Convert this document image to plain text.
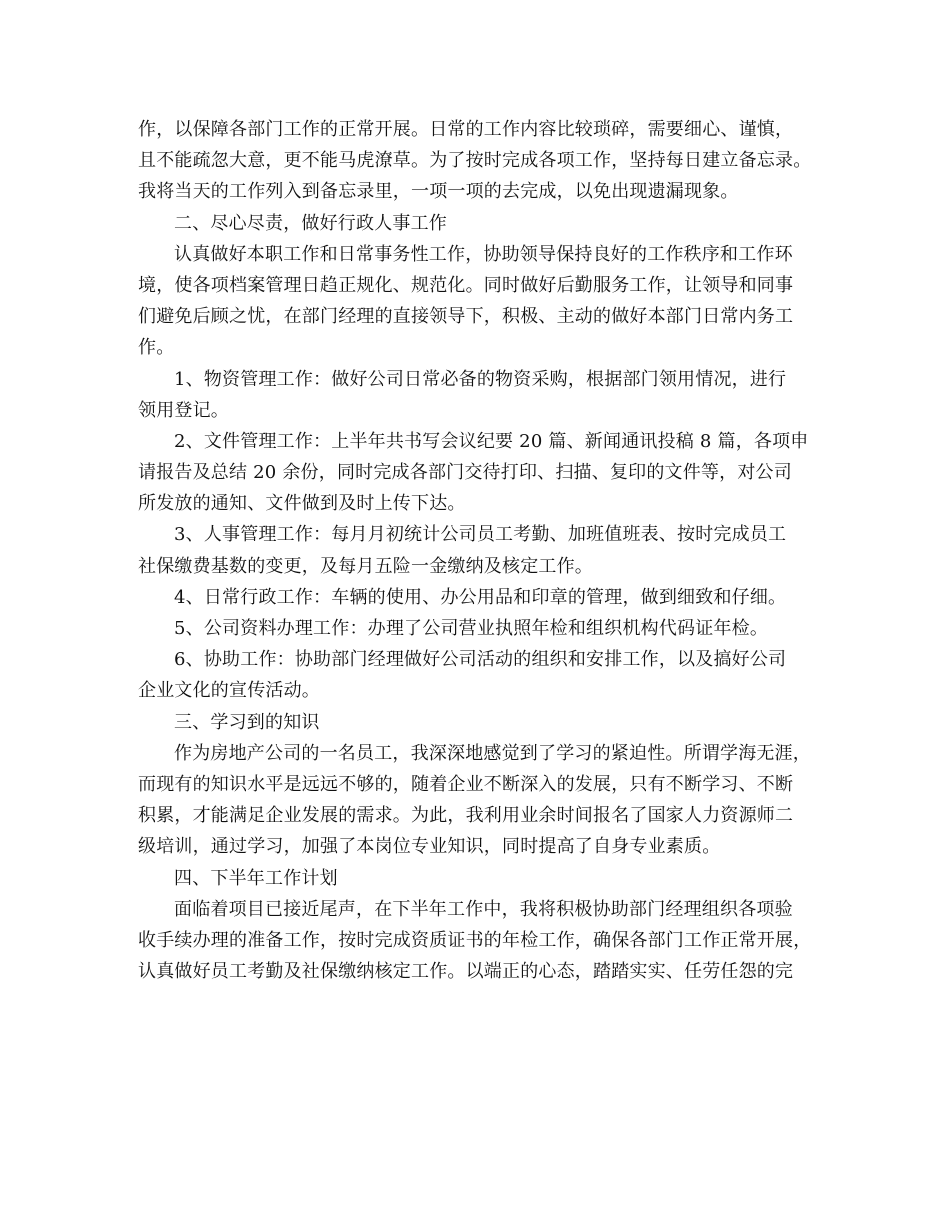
作，以保障各部门工作的正常开展。日常的工作内容比较琐碎，需要细心、谨慎，
且不能疏忽大意，更不能马虎潦草。为了按时完成各项工作，坚持每日建立备忘录。
我将当天的工作列入到备忘录里，一项一项的去完成，以免出现遗漏现象。
二、尽心尽责，做好行政人事工作
认真做好本职工作和日常事务性工作，协助领导保持良好的工作秩序和工作环
境，使各项档案管理日趋正规化、规范化。同时做好后勤服务工作，让领导和同事
们避免后顾之忧，在部门经理的直接领导下，积极、主动的做好本部门日常内务工
作。
1、物资管理工作：做好公司日常必备的物资采购，根据部门领用情况，进行
领用登记。
2、文件管理工作：上半年共书写会议纪要 20 篇、新闻通讯投稿 8 篇，各项申
请报告及总结 20 余份，同时完成各部门交待打印、扫描、复印的文件等，对公司
所发放的通知、文件做到及时上传下达。
3、人事管理工作：每月月初统计公司员工考勤、加班值班表、按时完成员工
社保缴费基数的变更，及每月五险一金缴纳及核定工作。
4、日常行政工作：车辆的使用、办公用品和印章的管理，做到细致和仔细。
5、公司资料办理工作：办理了公司营业执照年检和组织机构代码证年检。
6、协助工作：协助部门经理做好公司活动的组织和安排工作，以及搞好公司
企业文化的宣传活动。
三、学习到的知识
作为房地产公司的一名员工，我深深地感觉到了学习的紧迫性。所谓学海无涯，
而现有的知识水平是远远不够的，随着企业不断深入的发展，只有不断学习、不断
积累，才能满足企业发展的需求。为此，我利用业余时间报名了国家人力资源师二
级培训，通过学习，加强了本岗位专业知识，同时提高了自身专业素质。
四、下半年工作计划
面临着项目已接近尾声，在下半年工作中，我将积极协助部门经理组织各项验
收手续办理的准备工作，按时完成资质证书的年检工作，确保各部门工作正常开展，
认真做好员工考勤及社保缴纳核定工作。以端正的心态，踏踏实实、任劳任怨的完
